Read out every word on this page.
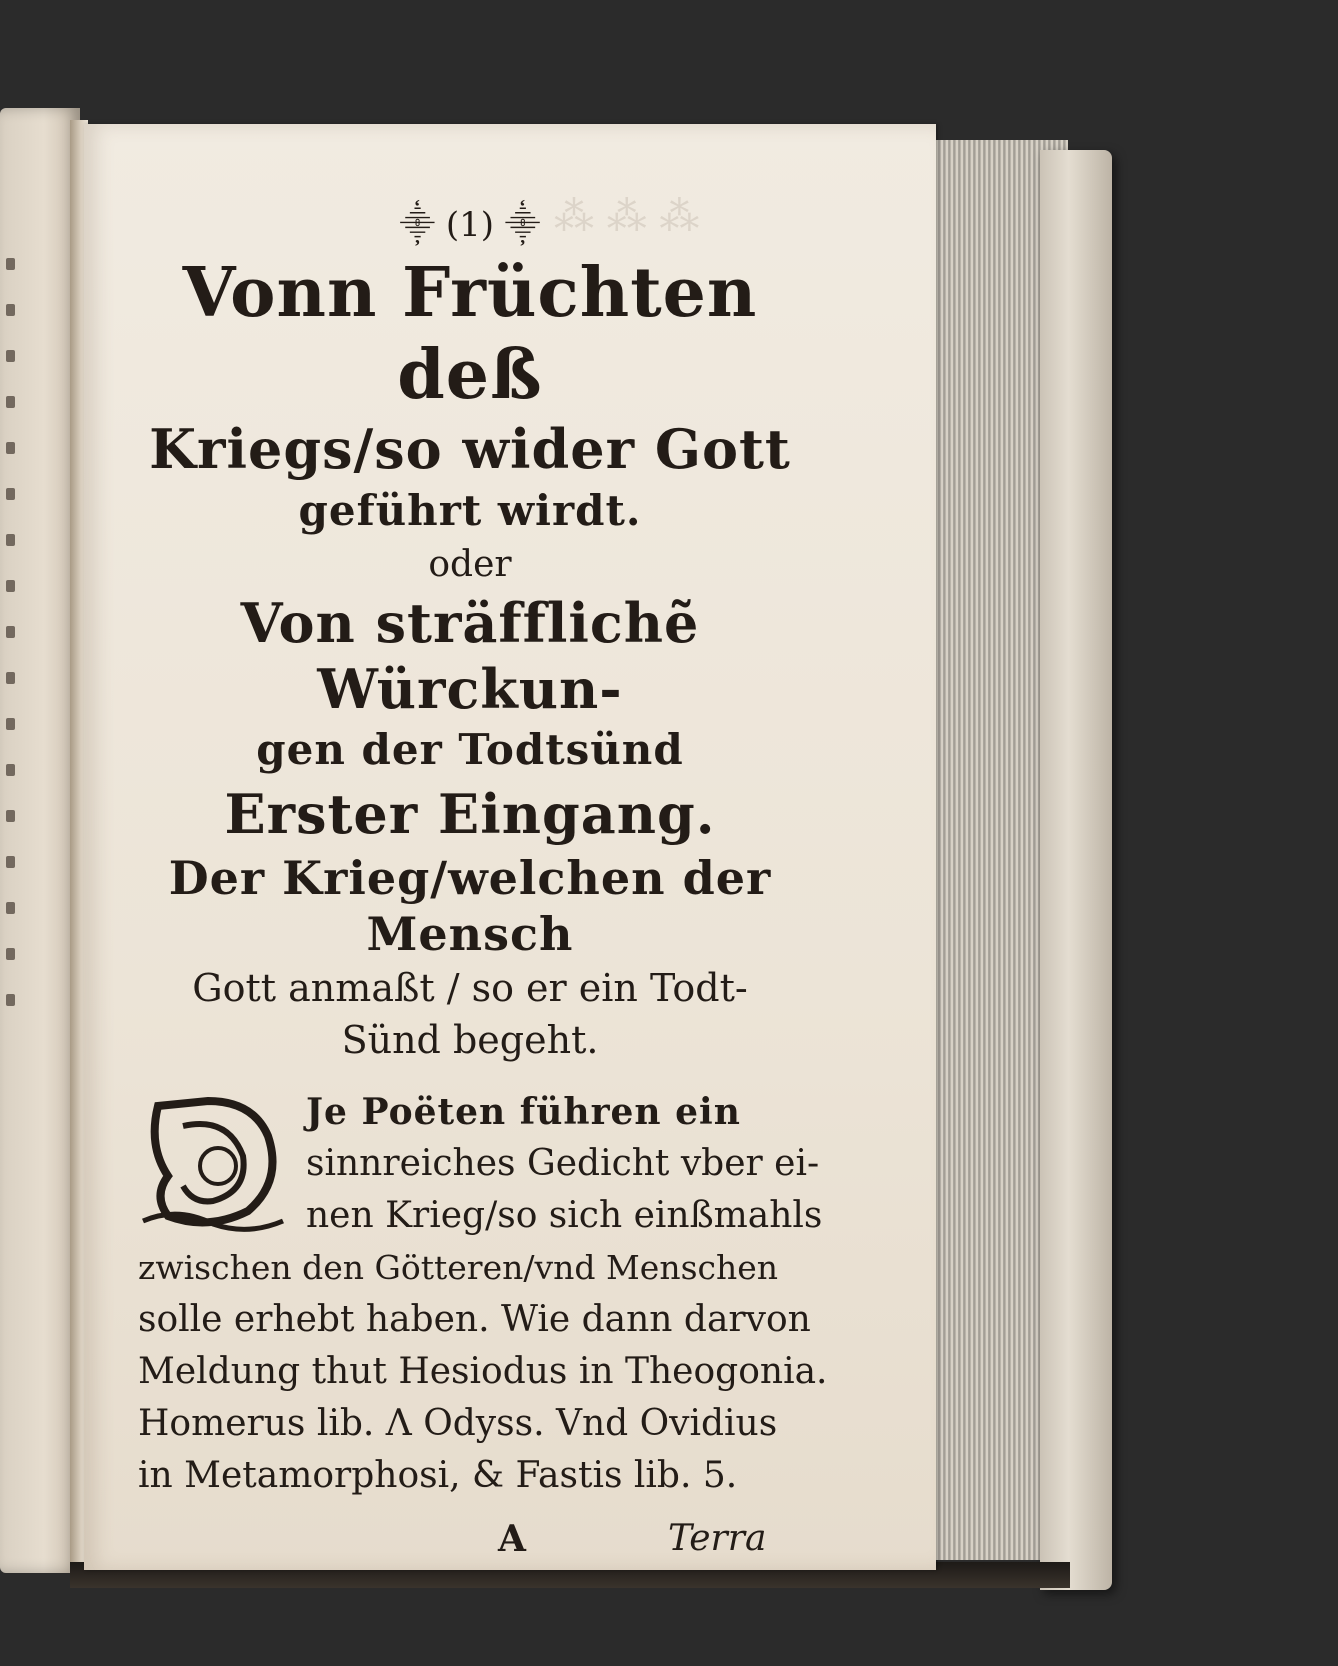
⁂ ⁂ ⁂
⸎ (1) ⸎
Vonn Früchten deß
Kriegs/so wider Gott
geführt wirdt.
oder
Von sträfflichẽ Würckun-
gen der Todtsünd
Erster Eingang.
Der Krieg/welchen der Mensch
Gott anmaßt / so er ein Todt-
Sünd begeht.
Je Poëten führen ein
sinnreiches Gedicht vber ei-
nen Krieg/so sich einßmahls
zwischen den Götteren/vnd Menschen
solle erhebt haben. Wie dann darvon
Meldung thut Hesiodus in Theogonia.
Homerus lib. Λ Odyss. Vnd Ovidius
in Metamorphosi, & Fastis lib. 5.
A	Terra
